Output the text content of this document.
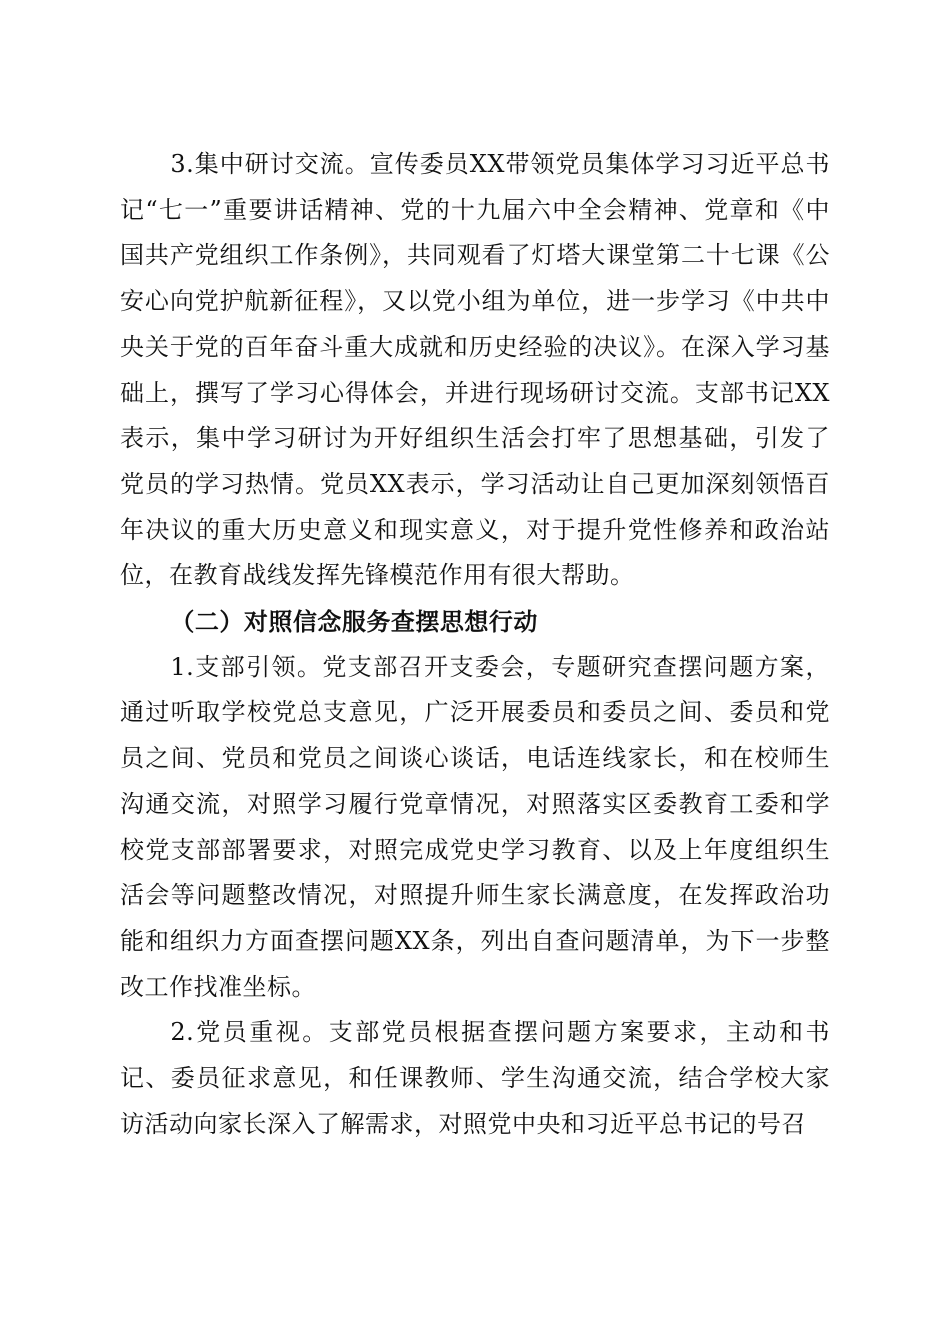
3.集中研讨交流。宣传委员XX带领党员集体学习习近平总书记“七一”重要讲话精神、党的十九届六中全会精神、党章和《中国共产党组织工作条例》，共同观看了灯塔大课堂第二十七课《公安心向党护航新征程》，又以党小组为单位，进一步学习《中共中央关于党的百年奋斗重大成就和历史经验的决议》。在深入学习基础上，撰写了学习心得体会，并进行现场研讨交流。支部书记XX表示，集中学习研讨为开好组织生活会打牢了思想基础，引发了党员的学习热情。党员XX表示，学习活动让自己更加深刻领悟百年决议的重大历史意义和现实意义，对于提升党性修养和政治站位，在教育战线发挥先锋模范作用有很大帮助。

（二）对照信念服务查摆思想行动

1.支部引领。党支部召开支委会，专题研究查摆问题方案，通过听取学校党总支意见，广泛开展委员和委员之间、委员和党员之间、党员和党员之间谈心谈话，电话连线家长，和在校师生沟通交流，对照学习履行党章情况，对照落实区委教育工委和学校党支部部署要求，对照完成党史学习教育、以及上年度组织生活会等问题整改情况，对照提升师生家长满意度，在发挥政治功能和组织力方面查摆问题XX条，列出自查问题清单，为下一步整改工作找准坐标。

2.党员重视。支部党员根据查摆问题方案要求，主动和书记、委员征求意见，和任课教师、学生沟通交流，结合学校大家访活动向家长深入了解需求，对照党中央和习近平总书记的号召
